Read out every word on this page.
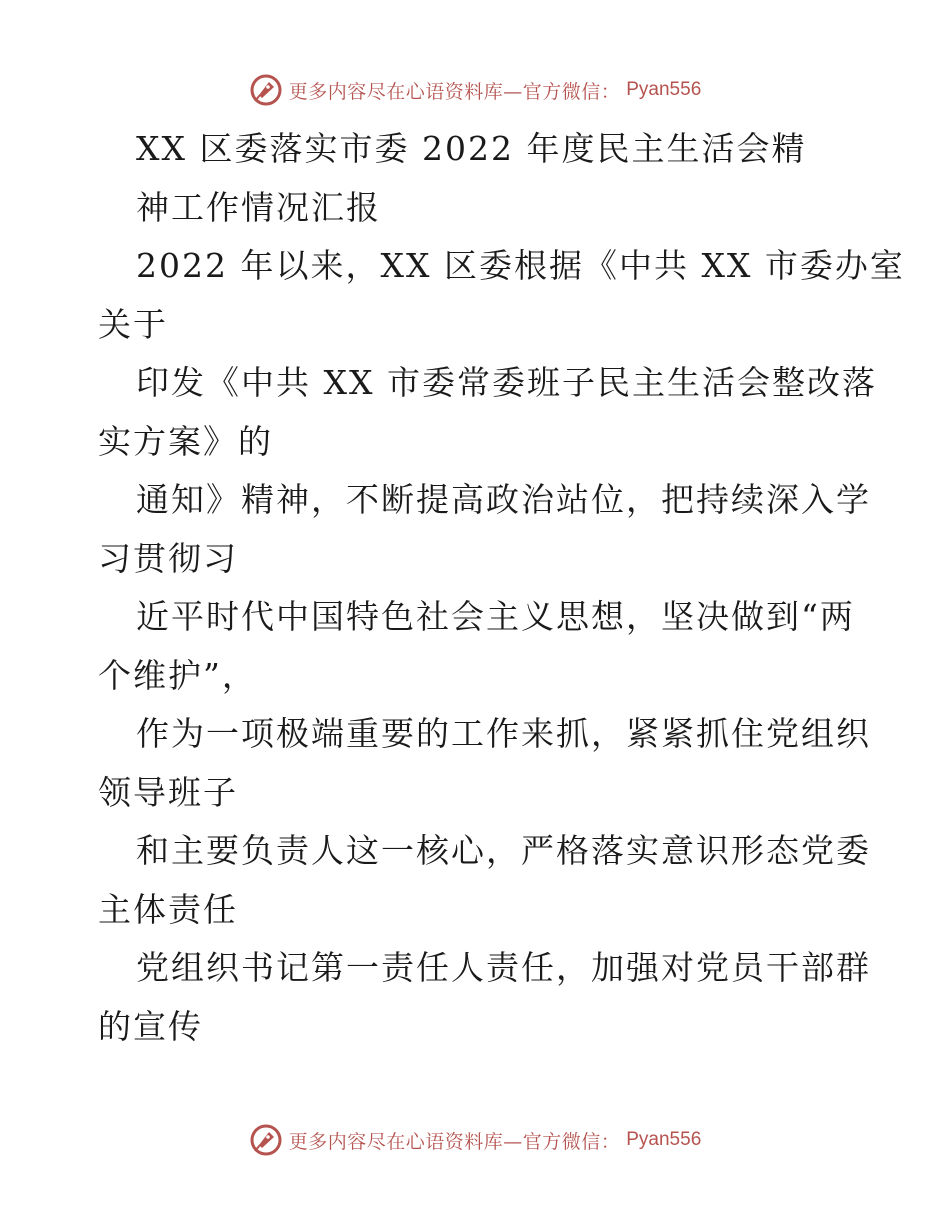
更多内容尽在心语资料库—官方微信： Pyan556
XX 区委落实市委 2022 年度民主生活会精
神工作情况汇报
2022 年以来，XX 区委根据《中共 XX 市委办室
关于
印发《中共 XX 市委常委班子民主生活会整改落
实方案》的
通知》精神，不断提高政治站位，把持续深入学
习贯彻习
近平时代中国特色社会主义思想，坚决做到“两
个维护”，
作为一项极端重要的工作来抓，紧紧抓住党组织
领导班子
和主要负责人这一核心，严格落实意识形态党委
主体责任
党组织书记第一责任人责任，加强对党员干部群
的宣传
更多内容尽在心语资料库—官方微信： Pyan556
